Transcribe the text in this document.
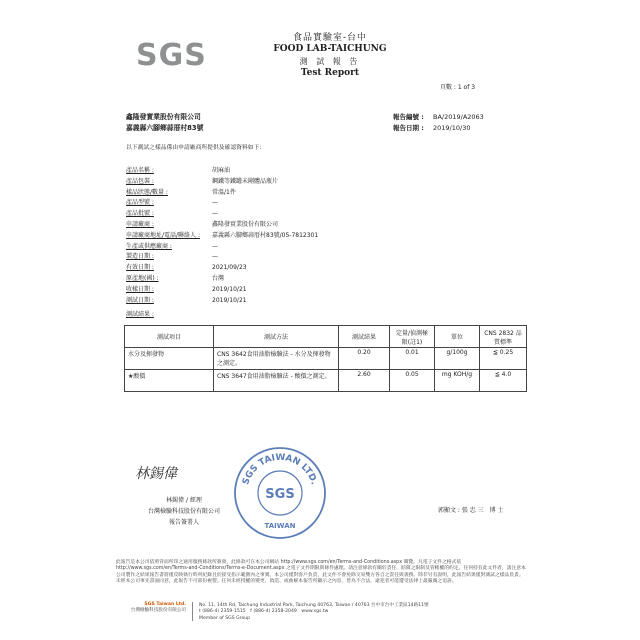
SGS	食品實驗室-台中
FOOD LAB-TAICHUNG
測 試 報 告
Test Report
頁數 : 1 of 3
鑫隆發實業股份有限公司
嘉義縣六腳鄉蒜厝村83號
報告編號 : BA/2019/A2063
報告日期 : 2019/10/30
以下測試之樣品係由申請廠商所提供及確認資料如下:
產品名稱 :	胡麻油
產品包裝 :	鋼鐵等鐵罐未剛體品瓶片
樣品狀態/數量 :	常溫/1件
產品型號 :	—
產品批號 :	—
申請廠商 :	鑫隆發實業股份有限公司
申請廠商地址/電話/聯絡人 : 嘉義縣六腳鄉蒜厝村83號/05-7812301
生產或供應廠商 :	—
製造日期 :	—
有效日期 :	2021/09/23
原產地(國) :	台灣
收樣日期 :	2019/10/21
測試日期 :	2019/10/21
測試結果 :
測試項目	測試方法	測試結果	定量/偵測極限(註1)	單位	CNS 2832 品質標準
水分及揮發物	CNS 3642食用油脂檢驗法 - 水分及揮發物之測定。	0.20	0.01	g/100g	≦ 0.25
★酸價	CNS 3647食用油脂檢驗法 - 酸價之測定。	2.60	0.05	mg KOH/g	≦ 4.0
林錫偉
林錫偉 / 經理
台灣檢驗科技股份有限公司
報告簽署人
SGS TAIWAN LTD.
SGS
TAIWAN
郭顯文 : 張 忠 三　博 士
此報告是本公司依照背面所印之通用服務條款所簽發，此條款可在本公司網站 http://www.sgs.com/en/Terms-and-Conditions.aspx 閱覽，凡電子文件之格式依 http://www.sgs.com/en/Terms-and-Conditions/Terms-e-Document.aspx 之電子文件期限與條件處理。請注意條款有關於責任、賠償之限制及管轄權的約定。任何持有此文件者，請注意本公司製作之結果報告書將僅反映執行時所紀錄且於接受指示範圍內之事實。本公司僅對客戶負責，此文件不會免除交易雙方各自之責任與義務。除非另有說明，此報告結果僅對測試之樣品負責。未經本公司事先書面同意，此報告不可部份複製。任何未經授權的變更、偽造、或曲解本報告所顯示之內容，皆為不合法，違犯者可能遭受法律上最嚴厲之追訴。
SGS Taiwan Ltd.
台灣檢驗科技股份有限公司
No. 11, 14th Rd, Taichung Industrial Park, Taichung 40763, Taiwan / 40763 台中市台中工業區14路11號
t (886-4) 2359-1515　f (886-4) 2358-2049　www.sgs.tw
Member of SGS Group
